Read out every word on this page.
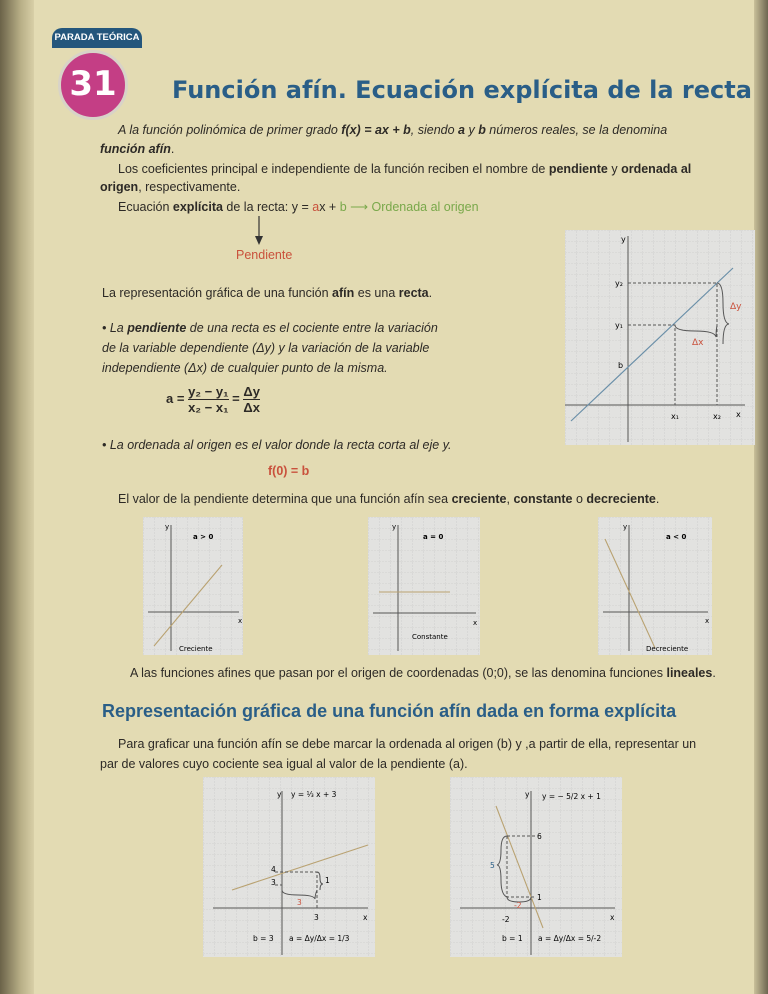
31
PARADA TEÓRICA
Función afín. Ecuación explícita de la recta
A la función polinómica de primer grado f(x) = ax + b, siendo a y b números reales, se la denomina
función afín.
Los coeficientes principal e independiente de la función reciben el nombre de pendiente y ordenada al
origen, respectivamente.
Ecuación explícita de la recta: y = ax + b ⟶ Ordenada al origen
Pendiente
La representación gráfica de una función afín es una recta.
• La pendiente de una recta es el cociente entre la variación
de la variable dependiente (Δy) y la variación de la variable
independiente (Δx) de cualquier punto de la misma.
$a = \frac{\text{y₂ − y₁}}{\text{x₂ − x₁}} = \frac{\Delta y}{\Delta x}$
• La ordenada al origen es el valor donde la recta corta al eje y.
f(0) = b
El valor de la pendiente determina que una función afín sea creciente, constante o decreciente.
y
x
y₁
y₂
b
x₁	x₂
Δy
Δx
y
x
a > 0
Creciente
y
x
a = 0
Constante
y
x
a < 0
Decreciente
A las funciones afines que pasan por el origen de coordenadas (0;0), se las denomina funciones lineales.
Representación gráfica de una función afín dada en forma explícita
Para graficar una función afín se debe marcar la ordenada al origen (b) y ,a partir de ella, representar un
par de valores cuyo cociente sea igual al valor de la pendiente (a).
y y = ⅓ x + 3
x
4
3
3
1
3
b = 3 a = Δy/Δx = 1/3
y y = − 5/2 x + 1
x
6
1
-2
5
-2
b = 1 a = Δy/Δx = 5/-2
